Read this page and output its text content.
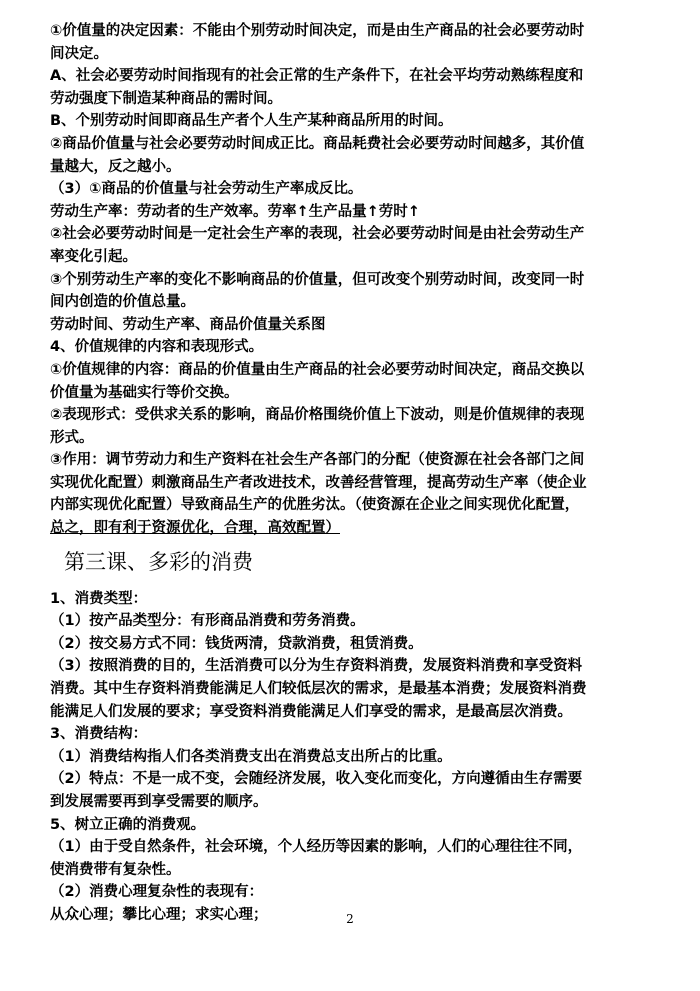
①价值量的决定因素：不能由个别劳动时间决定，而是由生产商品的社会必要劳动时
间决定。
A、社会必要劳动时间指现有的社会正常的生产条件下，在社会平均劳动熟练程度和
劳动强度下制造某种商品的需时间。
B、个别劳动时间即商品生产者个人生产某种商品所用的时间。
②商品价值量与社会必要劳动时间成正比。商品耗费社会必要劳动时间越多，其价值
量越大，反之越小。
（3）①商品的价值量与社会劳动生产率成反比。
劳动生产率：劳动者的生产效率。劳率↑生产品量↑劳时↑
②社会必要劳动时间是一定社会生产率的表现，社会必要劳动时间是由社会劳动生产
率变化引起。
③个别劳动生产率的变化不影响商品的价值量，但可改变个别劳动时间，改变同一时
间内创造的价值总量。
劳动时间、劳动生产率、商品价值量关系图
4、价值规律的内容和表现形式。
①价值规律的内容：商品的价值量由生产商品的社会必要劳动时间决定，商品交换以
价值量为基础实行等价交换。
②表现形式：受供求关系的影响，商品价格围绕价值上下波动，则是价值规律的表现
形式。
③作用：调节劳动力和生产资料在社会生产各部门的分配（使资源在社会各部门之间
实现优化配置）刺激商品生产者改进技术，改善经营管理，提高劳动生产率（使企业
内部实现优化配置）导致商品生产的优胜劣汰。（使资源在企业之间实现优化配置，
总之，即有利于资源优化，合理，高效配置）
第三课、多彩的消费
1、消费类型：
（1）按产品类型分：有形商品消费和劳务消费。
（2）按交易方式不同：钱货两清，贷款消费，租赁消费。
（3）按照消费的目的，生活消费可以分为生存资料消费，发展资料消费和享受资料
消费。其中生存资料消费能满足人们较低层次的需求，是最基本消费；发展资料消费
能满足人们发展的要求；享受资料消费能满足人们享受的需求，是最高层次消费。
3、消费结构：
（1）消费结构指人们各类消费支出在消费总支出所占的比重。
（2）特点：不是一成不变，会随经济发展，收入变化而变化，方向遵循由生存需要
到发展需要再到享受需要的顺序。
5、树立正确的消费观。
（1）由于受自然条件，社会环境，个人经历等因素的影响，人们的心理往往不同，
使消费带有复杂性。
（2）消费心理复杂性的表现有：
从众心理；攀比心理；求实心理；	2
